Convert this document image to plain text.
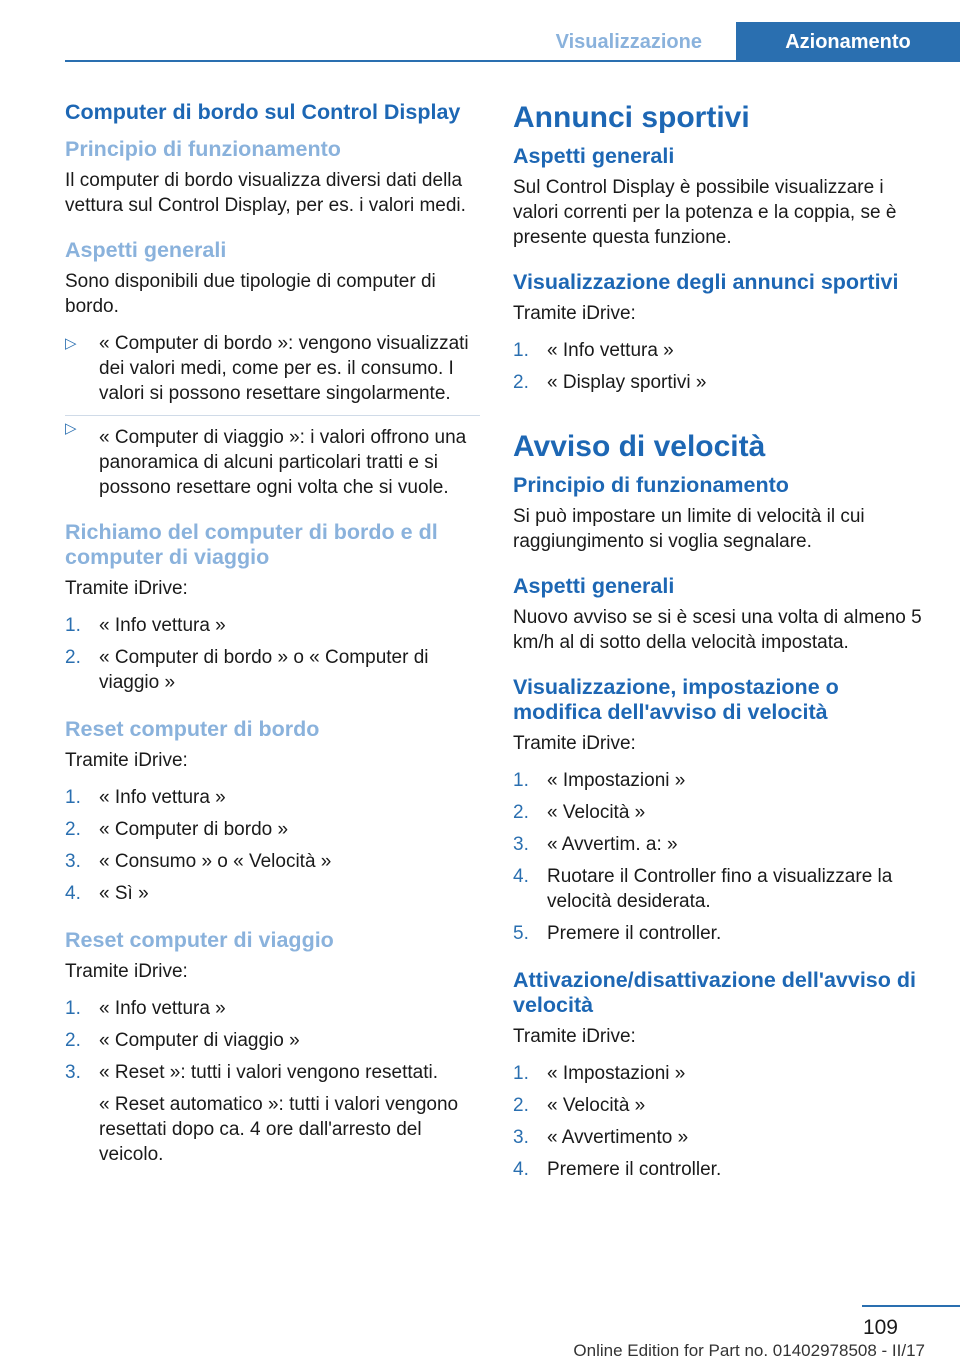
Visualizzazione	Azionamento
Computer di bordo sul Control Display
Principio di funzionamento

Il computer di bordo visualizza diversi dati della vettura sul Control Display, per es. i valori medi.

Aspetti generali

Sono disponibili due tipologie di computer di bordo.

▷ « Computer di bordo »: vengono visualizzati dei valori medi, come per es. il consumo. I valori si possono resettare singolarmente.
▷ « Computer di viaggio »: i valori offrono una panoramica di alcuni particolari tratti e si possono resettare ogni volta che si vuole.
Richiamo del computer di bordo e dl computer di viaggio

Tramite iDrive:

1. « Info vettura »
2. « Computer di bordo » o « Computer di viaggio »
Reset computer di bordo

Tramite iDrive:

1. « Info vettura »
2. « Computer di bordo »
3. « Consumo » o « Velocità »
4. « Sì »
Reset computer di viaggio

Tramite iDrive:

1. « Info vettura »
2. « Computer di viaggio »
3. « Reset »: tutti i valori vengono resettati.
« Reset automatico »: tutti i valori vengono resettati dopo ca. 4 ore dall'arresto del veicolo.
Annunci sportivi
Aspetti generali

Sul Control Display è possibile visualizzare i valori correnti per la potenza e la coppia, se è presente questa funzione.

Visualizzazione degli annunci sportivi

Tramite iDrive:

1. « Info vettura »
2. « Display sportivi »
Avviso di velocità
Principio di funzionamento

Si può impostare un limite di velocità il cui raggiungimento si voglia segnalare.

Aspetti generali

Nuovo avviso se si è scesi una volta di almeno 5 km/h al di sotto della velocità impostata.

Visualizzazione, impostazione o modifica dell'avviso di velocità

Tramite iDrive:

1. « Impostazioni »
2. « Velocità »
3. « Avvertim. a: »
4. Ruotare il Controller fino a visualizzare la velocità desiderata.
5. Premere il controller.
Attivazione/disattivazione dell'avviso di velocità

Tramite iDrive:

1. « Impostazioni »
2. « Velocità »
3. « Avvertimento »
4. Premere il controller.
109
Online Edition for Part no. 01402978508 - II/17
